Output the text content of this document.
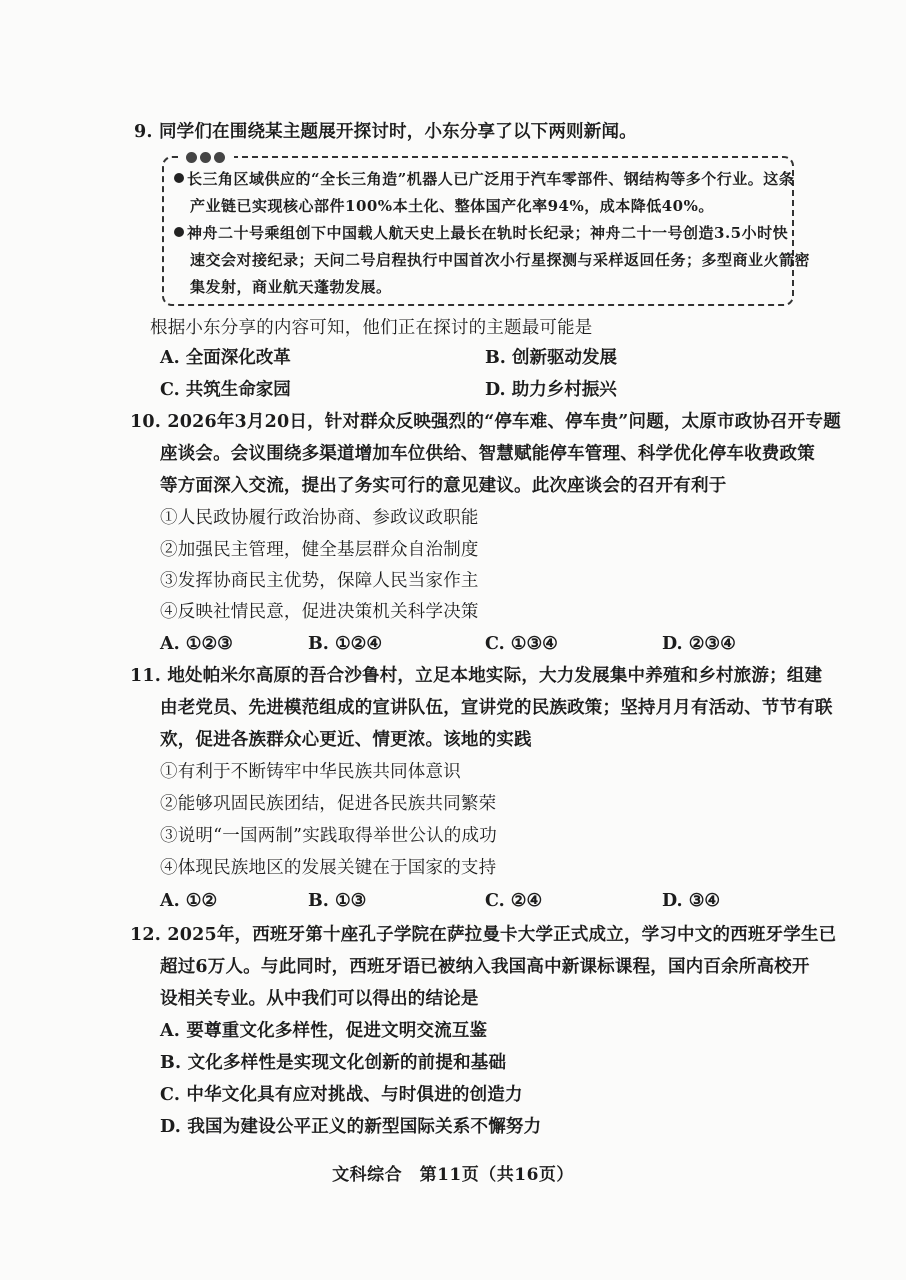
9. 同学们在围绕某主题展开探讨时，小东分享了以下两则新闻。
长三角区域供应的“全长三角造”机器人已广泛用于汽车零部件、钢结构等多个行业。这条
产业链已实现核心部件100%本土化、整体国产化率94%，成本降低40%。
神舟二十号乘组创下中国载人航天史上最长在轨时长纪录；神舟二十一号创造3.5小时快
速交会对接纪录；天问二号启程执行中国首次小行星探测与采样返回任务；多型商业火箭密
集发射，商业航天蓬勃发展。
根据小东分享的内容可知，他们正在探讨的主题最可能是
A. 全面深化改革	B. 创新驱动发展
C. 共筑生命家园	D. 助力乡村振兴
10. 2026年3月20日，针对群众反映强烈的“停车难、停车贵”问题，太原市政协召开专题
座谈会。会议围绕多渠道增加车位供给、智慧赋能停车管理、科学优化停车收费政策
等方面深入交流，提出了务实可行的意见建议。此次座谈会的召开有利于
①人民政协履行政治协商、参政议政职能
②加强民主管理，健全基层群众自治制度
③发挥协商民主优势，保障人民当家作主
④反映社情民意，促进决策机关科学决策
A. ①②③	B. ①②④	C. ①③④	D. ②③④
11. 地处帕米尔高原的吾合沙鲁村，立足本地实际，大力发展集中养殖和乡村旅游；组建
由老党员、先进模范组成的宣讲队伍，宣讲党的民族政策；坚持月月有活动、节节有联
欢，促进各族群众心更近、情更浓。该地的实践
①有利于不断铸牢中华民族共同体意识
②能够巩固民族团结，促进各民族共同繁荣
③说明“一国两制”实践取得举世公认的成功
④体现民族地区的发展关键在于国家的支持
A. ①②	B. ①③	C. ②④	D. ③④
12. 2025年，西班牙第十座孔子学院在萨拉曼卡大学正式成立，学习中文的西班牙学生已
超过6万人。与此同时，西班牙语已被纳入我国高中新课标课程，国内百余所高校开
设相关专业。从中我们可以得出的结论是
A. 要尊重文化多样性，促进文明交流互鉴
B. 文化多样性是实现文化创新的前提和基础
C. 中华文化具有应对挑战、与时俱进的创造力
D. 我国为建设公平正义的新型国际关系不懈努力
文科综合　第11页（共16页）
